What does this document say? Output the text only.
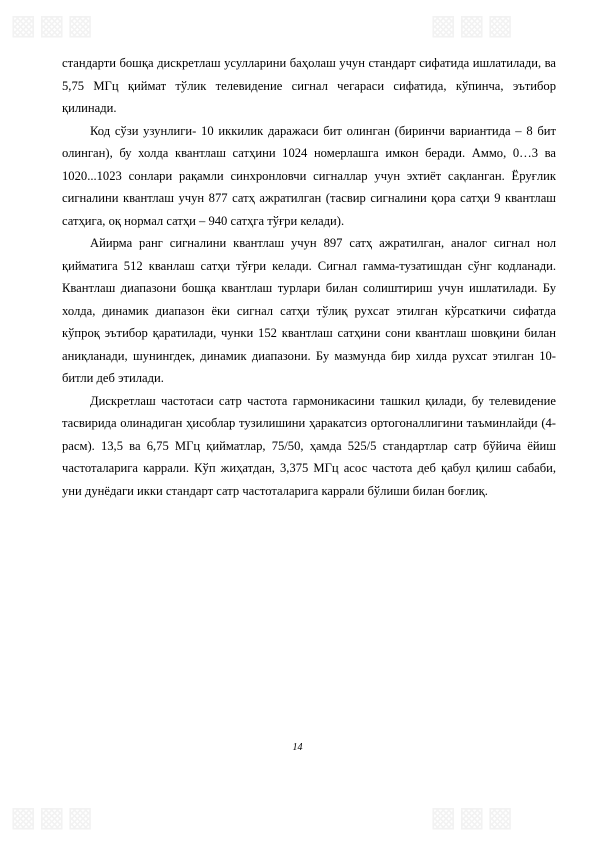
▩▩▩	▩▩▩
▩▩▩	▩▩▩

стандарти бошқа дискретлаш усулларини баҳолаш учун стандарт сифатида ишлатилади, ва 5,75 МГц қиймат тўлик телевидение сигнал чегараси сифатида, кўпинча, эътибор қилинади.

Код сўзи узунлиги- 10 иккилик даражаси бит олинган (биринчи вариантида – 8 бит олинган), бу холда квантлаш сатҳини 1024 номерлашга имкон беради. Аммо, 0…3 ва 1020...1023 сонлари рақамли синхронловчи сигналлар учун эхтиёт сақланган. Ёруғлик сигналини квантлаш учун 877 сатҳ ажратилган (тасвир сигналини қора сатҳи 9 квантлаш сатҳига, оқ нормал сатҳи – 940 сатҳга тўғри келади).

Айирма ранг сигналини квантлаш учун 897 сатҳ ажратилган, аналог сигнал нол қийматига 512 кванлаш сатҳи тўғри келади. Сигнал гамма-тузатишдан сўнг кодланади. Квантлаш диапазони бошқа квантлаш турлари билан солиштириш учун ишлатилади. Бу холда, динамик диапазон ёки сигнал сатҳи тўлиқ рухсат этилган кўрсаткичи сифатда кўпроқ эътибор қаратилади, чунки 152 квантлаш сатҳини сони квантлаш шовқини билан аниқланади, шунингдек, динамик диапазони. Бу мазмунда бир хилда рухсат этилган 10-битли деб этилади.

Дискретлаш частотаси сатр частота гармоникасини ташкил қилади, бу телевидение тасвирида олинадиган ҳисоблар тузилишини ҳаракатсиз ортогоналлигини таъминлайди (4-расм). 13,5 ва 6,75 МГц қийматлар, 75/50, ҳамда 525/5 стандартлар сатр бўйича ёйиш частоталарига каррали. Кўп жиҳатдан, 3,375 МГц асос частота деб қабул қилиш сабаби, уни дунёдаги икки стандарт сатр частоталарига каррали бўлиши билан боғлиқ.

14
